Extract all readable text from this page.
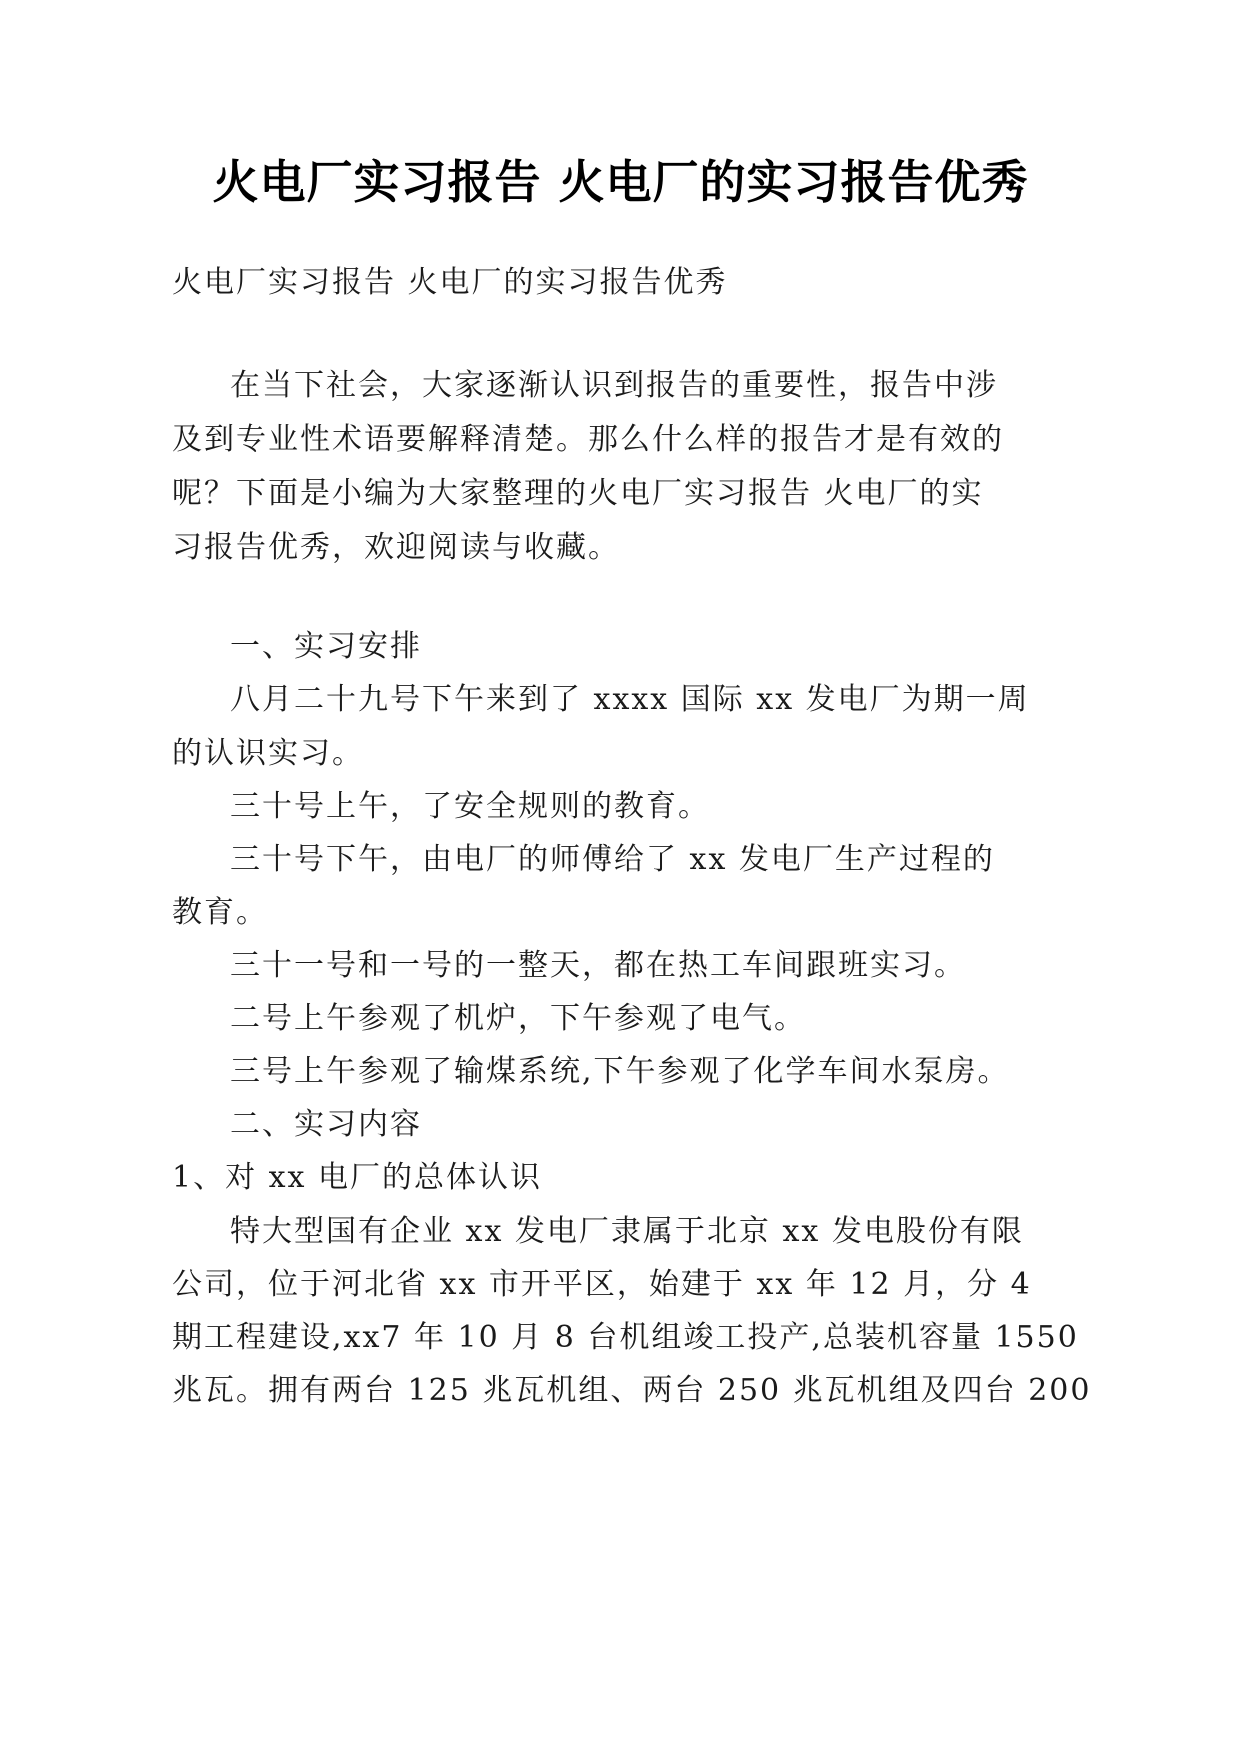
火电厂实习报告 火电厂的实习报告优秀
火电厂实习报告 火电厂的实习报告优秀
在当下社会，大家逐渐认识到报告的重要性，报告中涉
及到专业性术语要解释清楚。那么什么样的报告才是有效的
呢？下面是小编为大家整理的火电厂实习报告 火电厂的实
习报告优秀，欢迎阅读与收藏。
一、实习安排
八月二十九号下午来到了 xxxx 国际 xx 发电厂为期一周
的认识实习。
三十号上午，了安全规则的教育。
三十号下午，由电厂的师傅给了 xx 发电厂生产过程的
教育。
三十一号和一号的一整天，都在热工车间跟班实习。
二号上午参观了机炉，下午参观了电气。
三号上午参观了输煤系统,下午参观了化学车间水泵房。
二、实习内容
1、对 xx 电厂的总体认识
特大型国有企业 xx 发电厂隶属于北京 xx 发电股份有限
公司，位于河北省 xx 市开平区，始建于 xx 年 12 月，分 4
期工程建设,xx7 年 10 月 8 台机组竣工投产,总装机容量 1550
兆瓦。拥有两台 125 兆瓦机组、两台 250 兆瓦机组及四台 200
